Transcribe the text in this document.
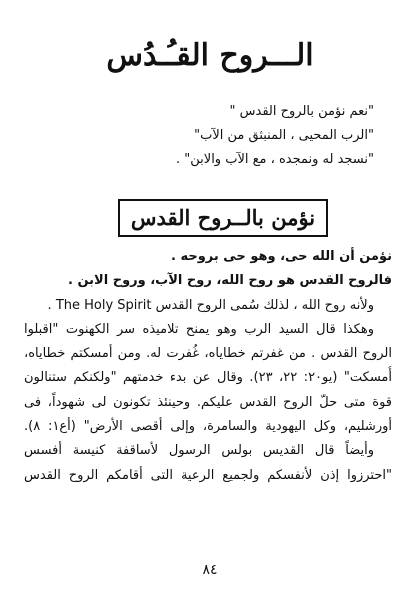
الـــروح القـُـدُس
"نعم نؤمن بالروح القدس "
"الرب المحيى ، المنبثق من الآب"
"نسجد له ونمجده ، مع الآب والابن" .
نؤمن بالــروح القدس
نؤمن أن الله حى، وهو حى بروحه .
فالروح القدس هو روح الله، روح الآب، وروح الابن .
ولأنه روح الله ، لذلك سُمى الروح القدس The Holy Spirit .
وهكذا قال السيد الرب وهو يمنح تلاميذه سر الكهنوت "اقبلوا
الروح القدس . من غفرتم خطاياه، غُفرت له. ومن أمسكتم خطاياه،
أُمسكت" (يو٢٠: ٢٢، ٢٣). وقال عن بدء خدمتهم "ولكنكم ستنالون
قوة متى حلّ الروح القدس عليكم. وحينئذ تكونون لى شهوداً، فى
أورشليم، وكل اليهودية والسامرة، وإلى أقصى الأرض" (أع١: ٨).
وأيضاً قال القديس بولس الرسول لأساقفة كنيسة أفسس
"احترزوا إذن لأنفسكم ولجميع الرعية التى أقامكم الروح القدس
٨٤
